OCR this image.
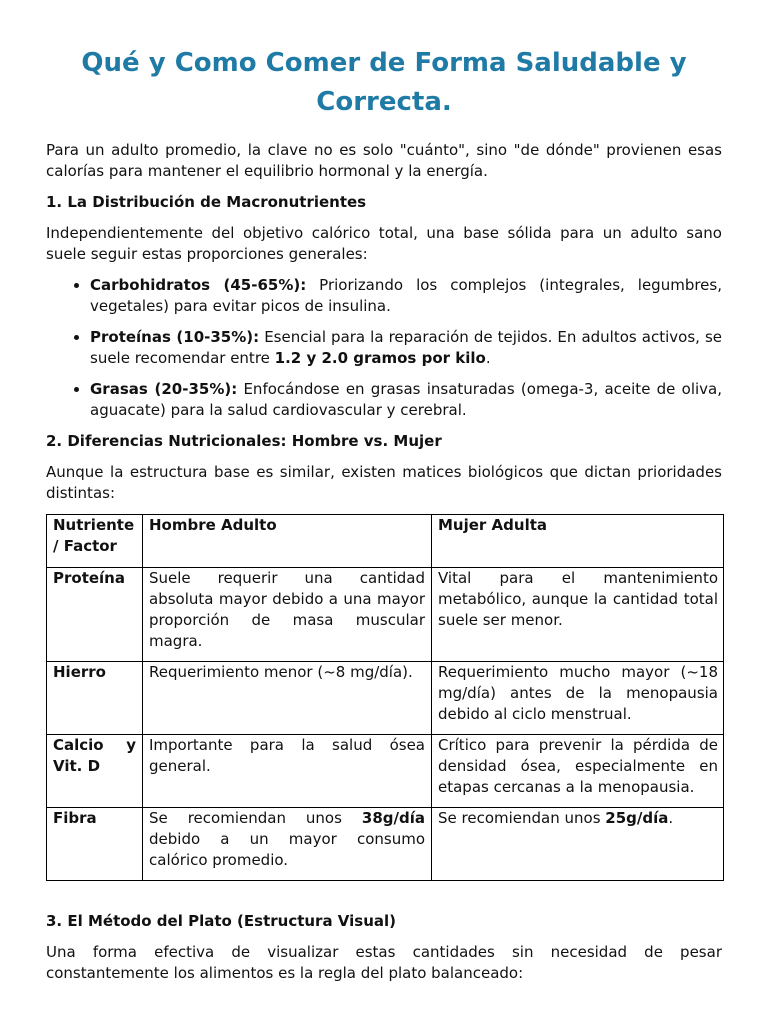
Qué y Como Comer de Forma Saludable y Correcta.

Para un adulto promedio, la clave no es solo "cuánto", sino "de dónde" provienen esas calorías para mantener el equilibrio hormonal y la energía.

1. La Distribución de Macronutrientes

Independientemente del objetivo calórico total, una base sólida para un adulto sano suele seguir estas proporciones generales:

• Carbohidratos (45-65%): Priorizando los complejos (integrales, legumbres, vegetales) para evitar picos de insulina.
• Proteínas (10-35%): Esencial para la reparación de tejidos. En adultos activos, se suele recomendar entre 1.2 y 2.0 gramos por kilo.
• Grasas (20-35%): Enfocándose en grasas insaturadas (omega-3, aceite de oliva, aguacate) para la salud cardiovascular y cerebral.
2. Diferencias Nutricionales: Hombre vs. Mujer

Aunque la estructura base es similar, existen matices biológicos que dictan prioridades distintas:

Nutriente / Factor	Hombre Adulto	Mujer Adulta
Proteína	Suele requerir una cantidad absoluta mayor debido a una mayor proporción de masa muscular magra.	Vital para el mantenimiento metabólico, aunque la cantidad total suele ser menor.
Hierro	Requerimiento menor (~8 mg/día).	Requerimiento mucho mayor (~18 mg/día) antes de la menopausia debido al ciclo menstrual.
Calcio y Vit. D	Importante para la salud ósea general.	Crítico para prevenir la pérdida de densidad ósea, especialmente en etapas cercanas a la menopausia.
Fibra	Se recomiendan unos 38g/día debido a un mayor consumo calórico promedio.	Se recomiendan unos 25g/día.
3. El Método del Plato (Estructura Visual)

Una forma efectiva de visualizar estas cantidades sin necesidad de pesar constantemente los alimentos es la regla del plato balanceado:
